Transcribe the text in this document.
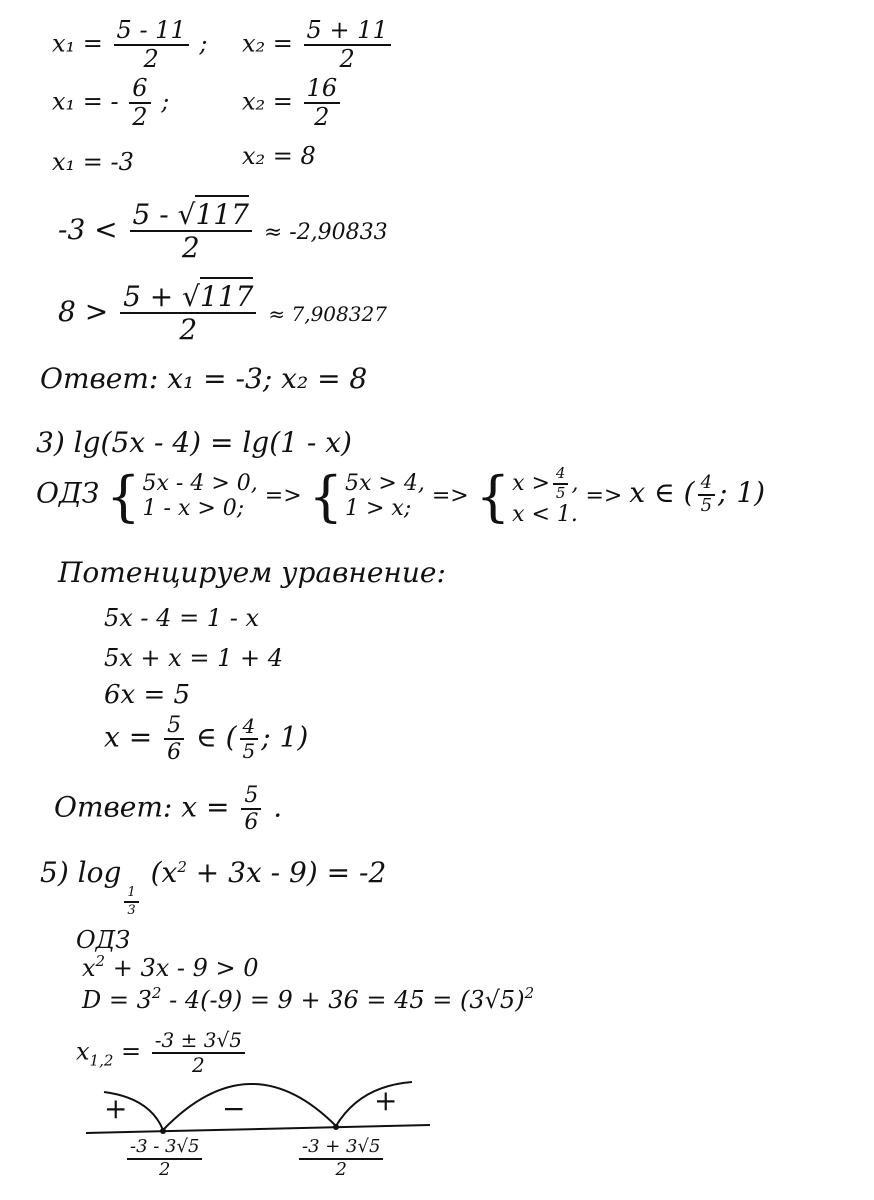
$x_1 = \frac{5 - 11}{2}$ ; $x_2 = \frac{5 + 11}{2}$
x₁ = - $\frac{6}{2}$ ;	$x_2 = \frac{16}{2}$
x₁ = -3	x₂ = 8
$-3 < \frac{5 - √117}{2} \approx -2,90833$
$8 > \frac{5 + √117}{2} \approx 7,908327$
Ответ: x₁ = -3; x₂ = 8
3) lg(5x - 4) = lg(1 - x)
ОДЗ { 5x - 4 > 0,
1 - x > 0;
=> { 5x > 4,
1 > x;
=> { $x > \frac{4}{5}$ ,
x < 1.
=> x ∈ ( $\frac{4}{5}$ ; 1)
Потенцируем уравнение:
5x - 4 = 1 - x
5x + x = 1 + 4
6x = 5
$x = \frac{5}{6}$ ∈ ( $\frac{4}{5}$ ; 1)
Ответ: $x = \frac{5}{6}$ .
5) log
$\frac{1}{3}$
$(x^2 + 3x - 9) = -2$
ОДЗ
$x^2 + 3x - 9 > 0$
$D = 3^2 - 4(-9) = 9 + 36 = 45 = (3√5)^2$
$x_{1,2} = \frac{-3 \pm 3√5}{2}$
+	−	+
$\frac{-3 - 3√5}{2}$	$\frac{-3 + 3√5}{2}$
